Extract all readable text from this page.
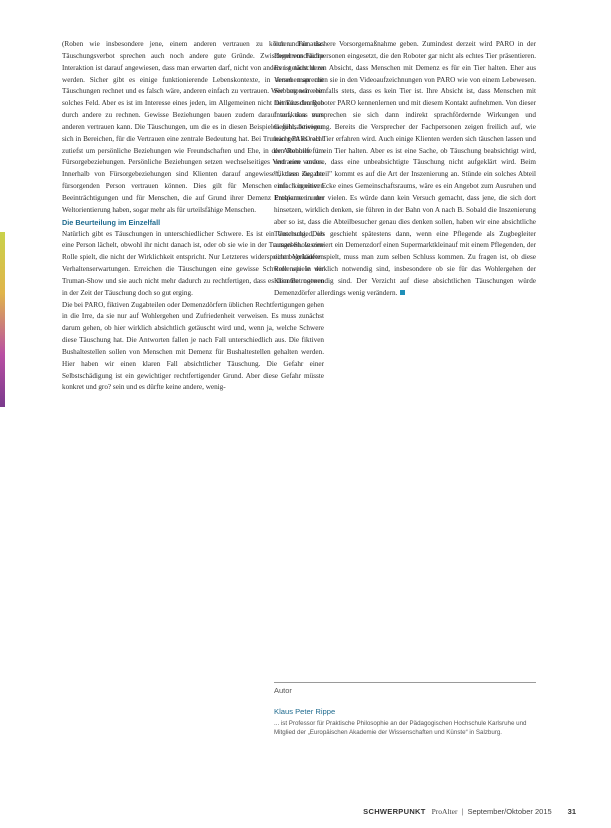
(Roben wie insbesondere jene, einem anderen vertrauen zu können. Für das Täuschungsverbot sprechen auch noch andere gute Gründe. Zwischenmenschliche Interaktion ist darauf angewiesen, dass man erwarten darf, nicht von anderen getäuscht zu werden. Sicher gibt es einige funktionierende Lebenskontexte, in denen man mit Täuschungen rechnet und es falsch wäre, anderen einfach zu vertrauen. Werbung wäre ein solches Feld. Aber es ist im Interesse eines jeden, im Allgemeinen nicht mit Täuschungen durch andere zu rechnen. Gewisse Beziehungen bauen zudem darauf auf, dass man anderen vertrauen kann. Die Täuschungen, um die es in diesen Beispielen geht, bewegen sich in Bereichen, für die Vertrauen eine zentrale Bedeutung hat. Bei Truman geht es recht zutiefst um persönliche Beziehungen wie Freundschaften und Ehe, in der Altenhilfe um Fürsorgebeziehungen. Persönliche Beziehungen setzen wechselseitiges Vertrauen voraus. Innerhalb von Fürsorgebeziehungen sind Klienten darauf angewiesen, dass sie der fürsorgenden Person vertrauen können. Dies gilt für Menschen mit kognitiven Beeinträchtigungen und für Menschen, die auf Grund ihrer Demenz Probleme in der Weltorientierung haben, sogar mehr als für urteilsfähige Menschen.

Die Beurteilung im Einzelfall

Natürlich gibt es Täuschungen in unterschiedlicher Schwere. Es ist ein Unterschied, ob eine Person lächelt, obwohl ihr nicht danach ist, oder ob sie wie in der Truman-Show eine Rolle spielt, die nicht der Wirklichkeit entspricht. Nur Letzteres widerspricht begründeten Verhaltenserwartungen. Erreichen die Täuschungen eine gewisse Schwere wie in der Truman-Show und sie auch nicht mehr dadurch zu rechtfertigen, dass es dem Betrogenen in der Zeit der Täuschung doch so gut erging.

Die bei PARO, fiktiven Zugabteilen oder Demenzdörfern üblichen Rechtfertigungen gehen in die Irre, da sie nur auf Wohlergehen und Zufriedenheit verweisen. Es muss zunächst darum gehen, ob hier wirklich absichtlich getäuscht wird und, wenn ja, welche Schwere diese Täuschung hat. Die Antworten fallen je nach Fall unterschiedlich aus. Die fiktiven Bushaltestellen sollen von Menschen mit Demenz für Bushaltestellen gehalten werden. Hier haben wir einen klaren Fall absichtlicher Täuschung. Die Gefahr einer Selbstschädigung ist ein gewichtiger rechtfertigender Grund. Aber diese Gefahr müsste konkret und gro? sein und es dürfte keine andere, wenig-

lich undramatischere Vorsorgemaßnahme geben. Zumindest derzeit wird PARO in der Regel von Fachpersonen eingesetzt, die den Roboter gar nicht als echtes Tier präsentieren. Es ist nicht deren Absicht, dass Menschen mit Demenz es für ein Tier halten. Eher aus Versehen sprechen sie in den Videoaufzeichnungen von PARO wie von einem Lebewesen. Sie betonen ebenfalls stets, dass es kein Tier ist. Ihre Absicht ist, dass Menschen mit Demenz den Roboter PARO kennenlernen und mit diesem Kontakt aufnehmen. Von dieser Interaktion versprechen sie sich dann indirekt sprachfördernde Wirkungen und Gefühlsaktivierung. Bereits die Versprecher der Fachpersonen zeigen freilich auf, wie leicht PARO als Tier erfahren wird. Auch einige Klienten werden sich täuschen lassen und den Roboter für ein Tier halten. Aber es ist eine Sache, ob Täuschung beabsichtigt wird, und eine andere, dass eine unbeabsichtigte Täuschung nicht aufgeklärt wird. Beim "fiktiven Zugabteil" kommt es auf die Art der Inszenierung an. Stünde ein solches Abteil einfach in einer Ecke eines Gemeinschaftsraums, wäre es ein Angebot zum Ausruhen und Entspannen unter vielen. Es würde dann kein Versuch gemacht, dass jene, die sich dort hinsetzen, wirklich denken, sie führen in der Bahn von A nach B. Sobald die Inszenierung aber so ist, dass die Abteilbesucher genau dies denken sollen, haben wir eine absichtliche Täuschung. Dies geschieht spätestens dann, wenn eine Pflegende als Zugbegleiter ausgeben. Inszeniert ein Demenzdorf einen Supermarktkleinauf mit einem Pflegenden, der einen Verkäufer spielt, muss man zum selben Schluss kommen. Zu fragen ist, ob diese Rollenspiele wirklich notwendig sind, insbesondere ob sie für das Wohlergehen der Klienten notwendig sind. Der Verzicht auf diese absichtlichen Täuschungen würde Demenzdörfer allerdings wenig verändern.

Autor
Klaus Peter Rippe
... ist Professor für Praktische Philosophie an der Pädagogischen Hochschule Karlsruhe und Mitglied der „Europäischen Akademie der Wissenschaften und Künste“ in Salzburg.
SCHWERPUNKT ProAlter | September/Oktober 2015 31
